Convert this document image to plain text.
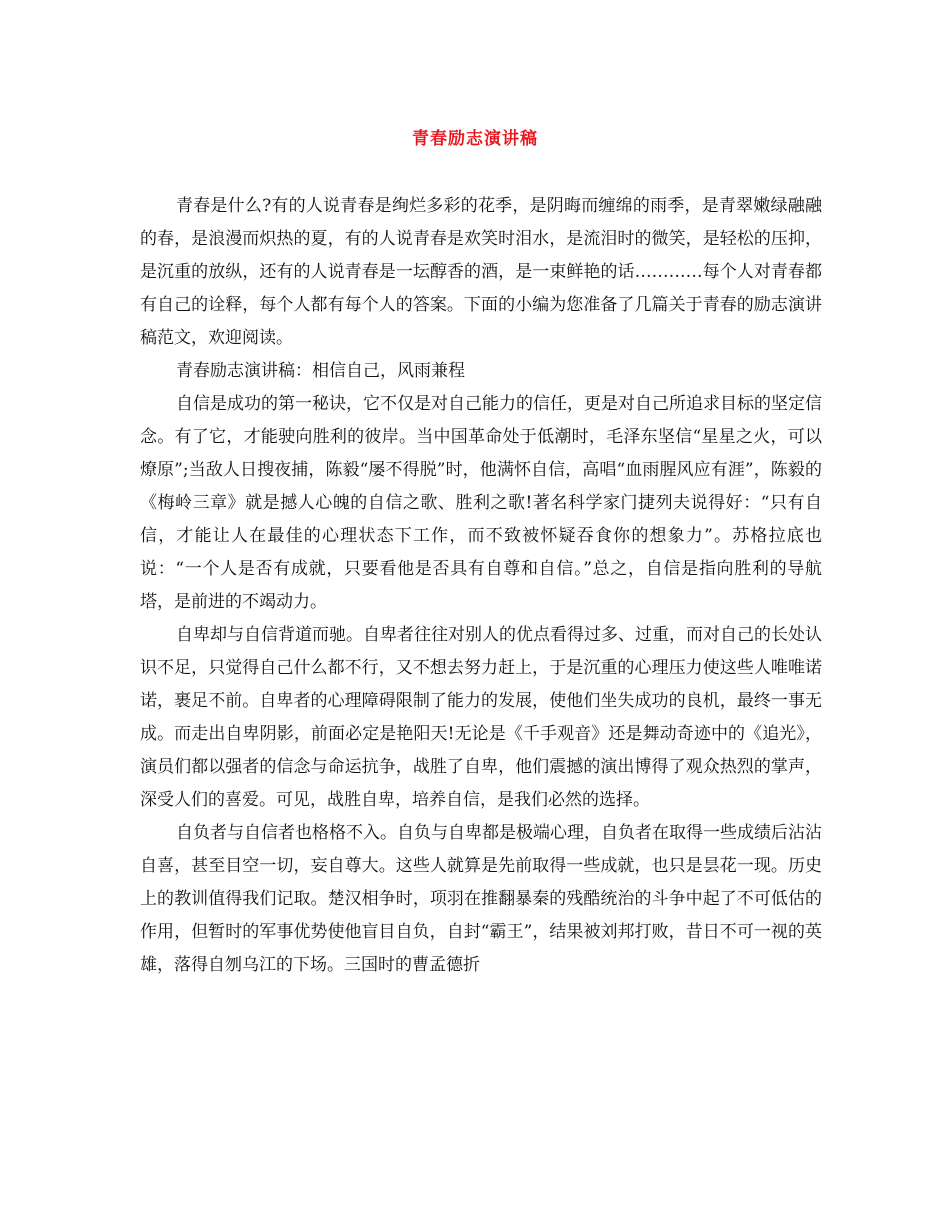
青春励志演讲稿

青春是什么?有的人说青春是绚烂多彩的花季，是阴晦而缠绵的雨季，是青翠嫩绿融融的春，是浪漫而炽热的夏，有的人说青春是欢笑时泪水，是流泪时的微笑，是轻松的压抑，是沉重的放纵，还有的人说青春是一坛醇香的酒，是一束鲜艳的话…………每个人对青春都有自己的诠释，每个人都有每个人的答案。下面的小编为您准备了几篇关于青春的励志演讲稿范文，欢迎阅读。

青春励志演讲稿：相信自己，风雨兼程

自信是成功的第一秘诀，它不仅是对自己能力的信任，更是对自己所追求目标的坚定信念。有了它，才能驶向胜利的彼岸。当中国革命处于低潮时，毛泽东坚信“星星之火，可以燎原”;当敌人日搜夜捕，陈毅“屡不得脱”时，他满怀自信，高唱“血雨腥风应有涯”，陈毅的《梅岭三章》就是撼人心魄的自信之歌、胜利之歌!著名科学家门捷列夫说得好：“只有自信，才能让人在最佳的心理状态下工作，而不致被怀疑吞食你的想象力”。苏格拉底也说：“一个人是否有成就，只要看他是否具有自尊和自信。”总之，自信是指向胜利的导航塔，是前进的不竭动力。

自卑却与自信背道而驰。自卑者往往对别人的优点看得过多、过重，而对自己的长处认识不足，只觉得自己什么都不行，又不想去努力赶上，于是沉重的心理压力使这些人唯唯诺诺，裹足不前。自卑者的心理障碍限制了能力的发展，使他们坐失成功的良机，最终一事无成。而走出自卑阴影，前面必定是艳阳天!无论是《千手观音》还是舞动奇迹中的《追光》，演员们都以强者的信念与命运抗争，战胜了自卑，他们震撼的演出博得了观众热烈的掌声，深受人们的喜爱。可见，战胜自卑，培养自信，是我们必然的选择。

自负者与自信者也格格不入。自负与自卑都是极端心理，自负者在取得一些成绩后沾沾自喜，甚至目空一切，妄自尊大。这些人就算是先前取得一些成就，也只是昙花一现。历史上的教训值得我们记取。楚汉相争时，项羽在推翻暴秦的残酷统治的斗争中起了不可低估的作用，但暂时的军事优势使他盲目自负，自封“霸王”，结果被刘邦打败，昔日不可一视的英雄，落得自刎乌江的下场。三国时的曹孟德折
